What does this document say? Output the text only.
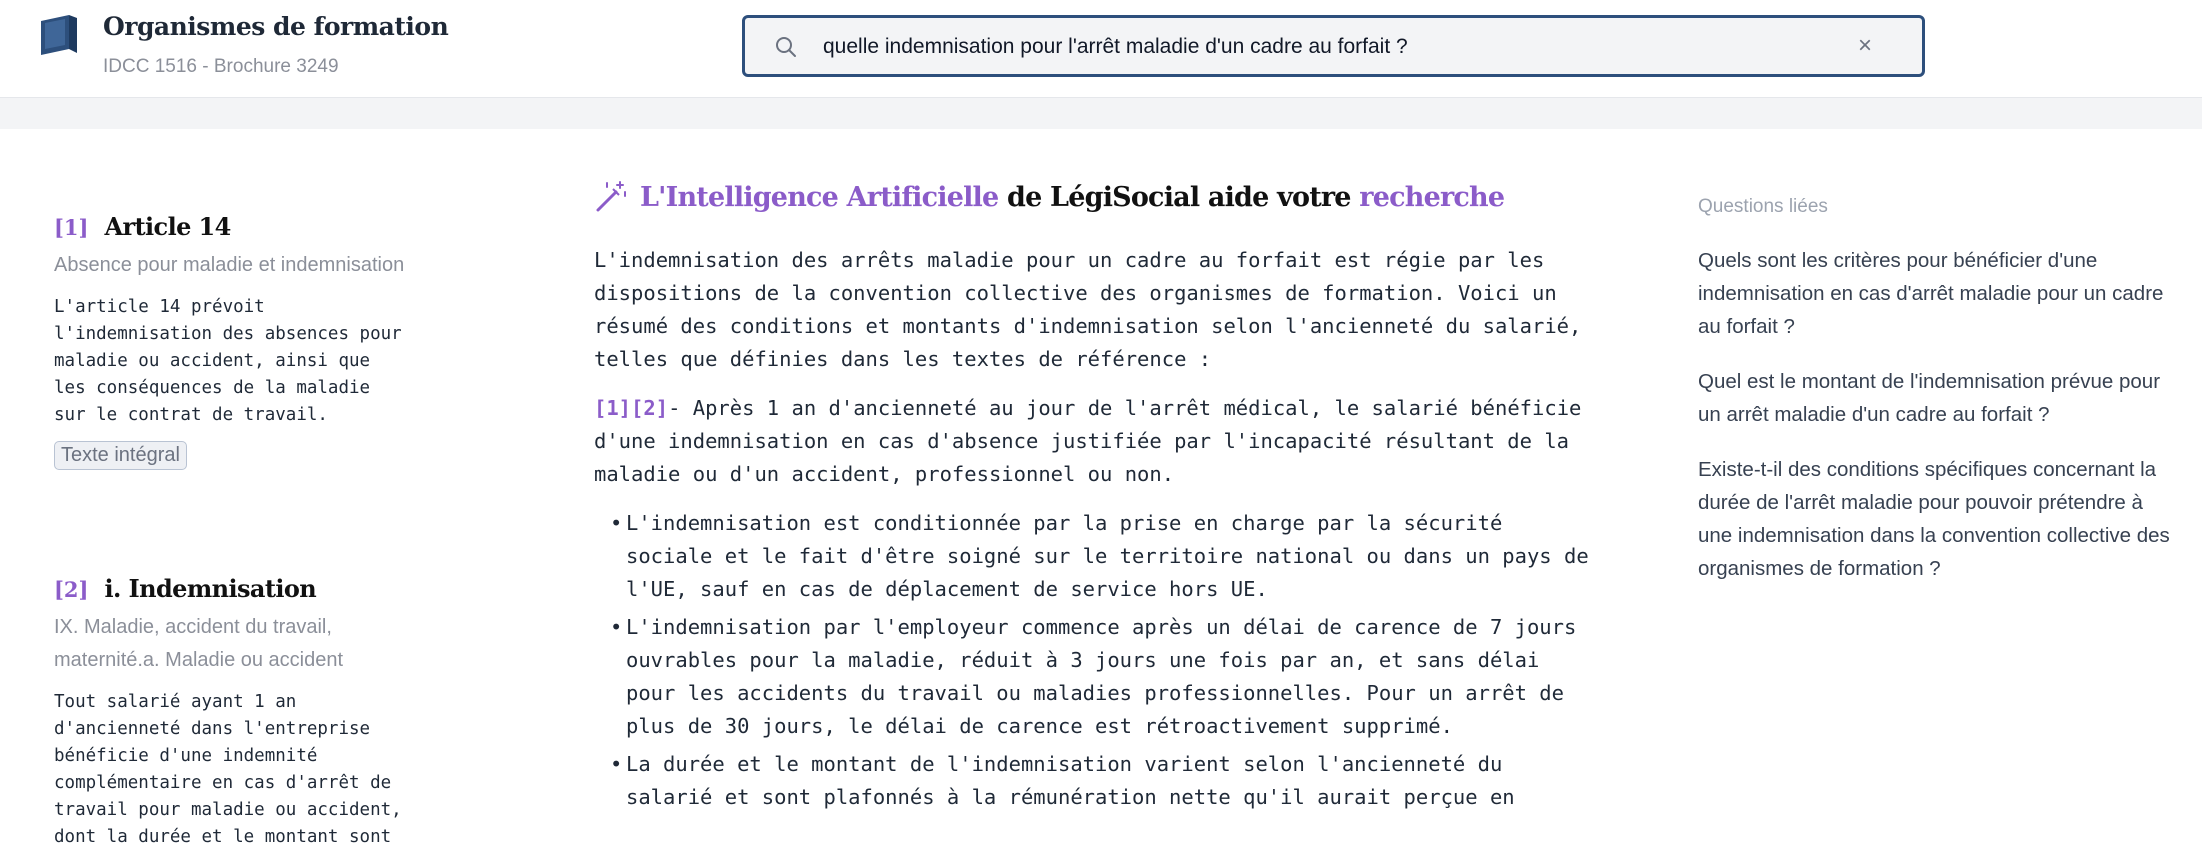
Organismes de formation
IDCC 1516 - Brochure 3249
quelle indemnisation pour l'arrêt maladie d'un cadre au forfait ?
×
[1] Article 14
Absence pour maladie et indemnisation
L'article 14 prévoit
l'indemnisation des absences pour
maladie ou accident, ainsi que
les conséquences de la maladie
sur le contrat de travail.
Texte intégral
[2] i. Indemnisation
IX. Maladie, accident du travail, maternité.a. Maladie ou accident
Tout salarié ayant 1 an
d'ancienneté dans l'entreprise
bénéficie d'une indemnité
complémentaire en cas d'arrêt de
travail pour maladie ou accident,
dont la durée et le montant sont
L'Intelligence Artificielle de LégiSocial aide votre recherche

L'indemnisation des arrêts maladie pour un cadre au forfait est régie par les dispositions de la convention collective des organismes de formation. Voici un résumé des conditions et montants d'indemnisation selon l'ancienneté du salarié, telles que définies dans les textes de référence :

[1][2]- Après 1 an d'ancienneté au jour de l'arrêt médical, le salarié bénéficie d'une indemnisation en cas d'absence justifiée par l'incapacité résultant de la maladie ou d'un accident, professionnel ou non.

• L'indemnisation est conditionnée par la prise en charge par la sécurité sociale et le fait d'être soigné sur le territoire national ou dans un pays de l'UE, sauf en cas de déplacement de service hors UE.
• L'indemnisation par l'employeur commence après un délai de carence de 7 jours ouvrables pour la maladie, réduit à 3 jours une fois par an, et sans délai pour les accidents du travail ou maladies professionnelles. Pour un arrêt de plus de 30 jours, le délai de carence est rétroactivement supprimé.
• La durée et le montant de l'indemnisation varient selon l'ancienneté du salarié et sont plafonnés à la rémunération nette qu'il aurait perçue en
Questions liées
Quels sont les critères pour bénéficier d'une indemnisation en cas d'arrêt maladie pour un cadre au forfait ?
Quel est le montant de l'indemnisation prévue pour un arrêt maladie d'un cadre au forfait ?
Existe-t-il des conditions spécifiques concernant la durée de l'arrêt maladie pour pouvoir prétendre à une indemnisation dans la convention collective des organismes de formation ?
